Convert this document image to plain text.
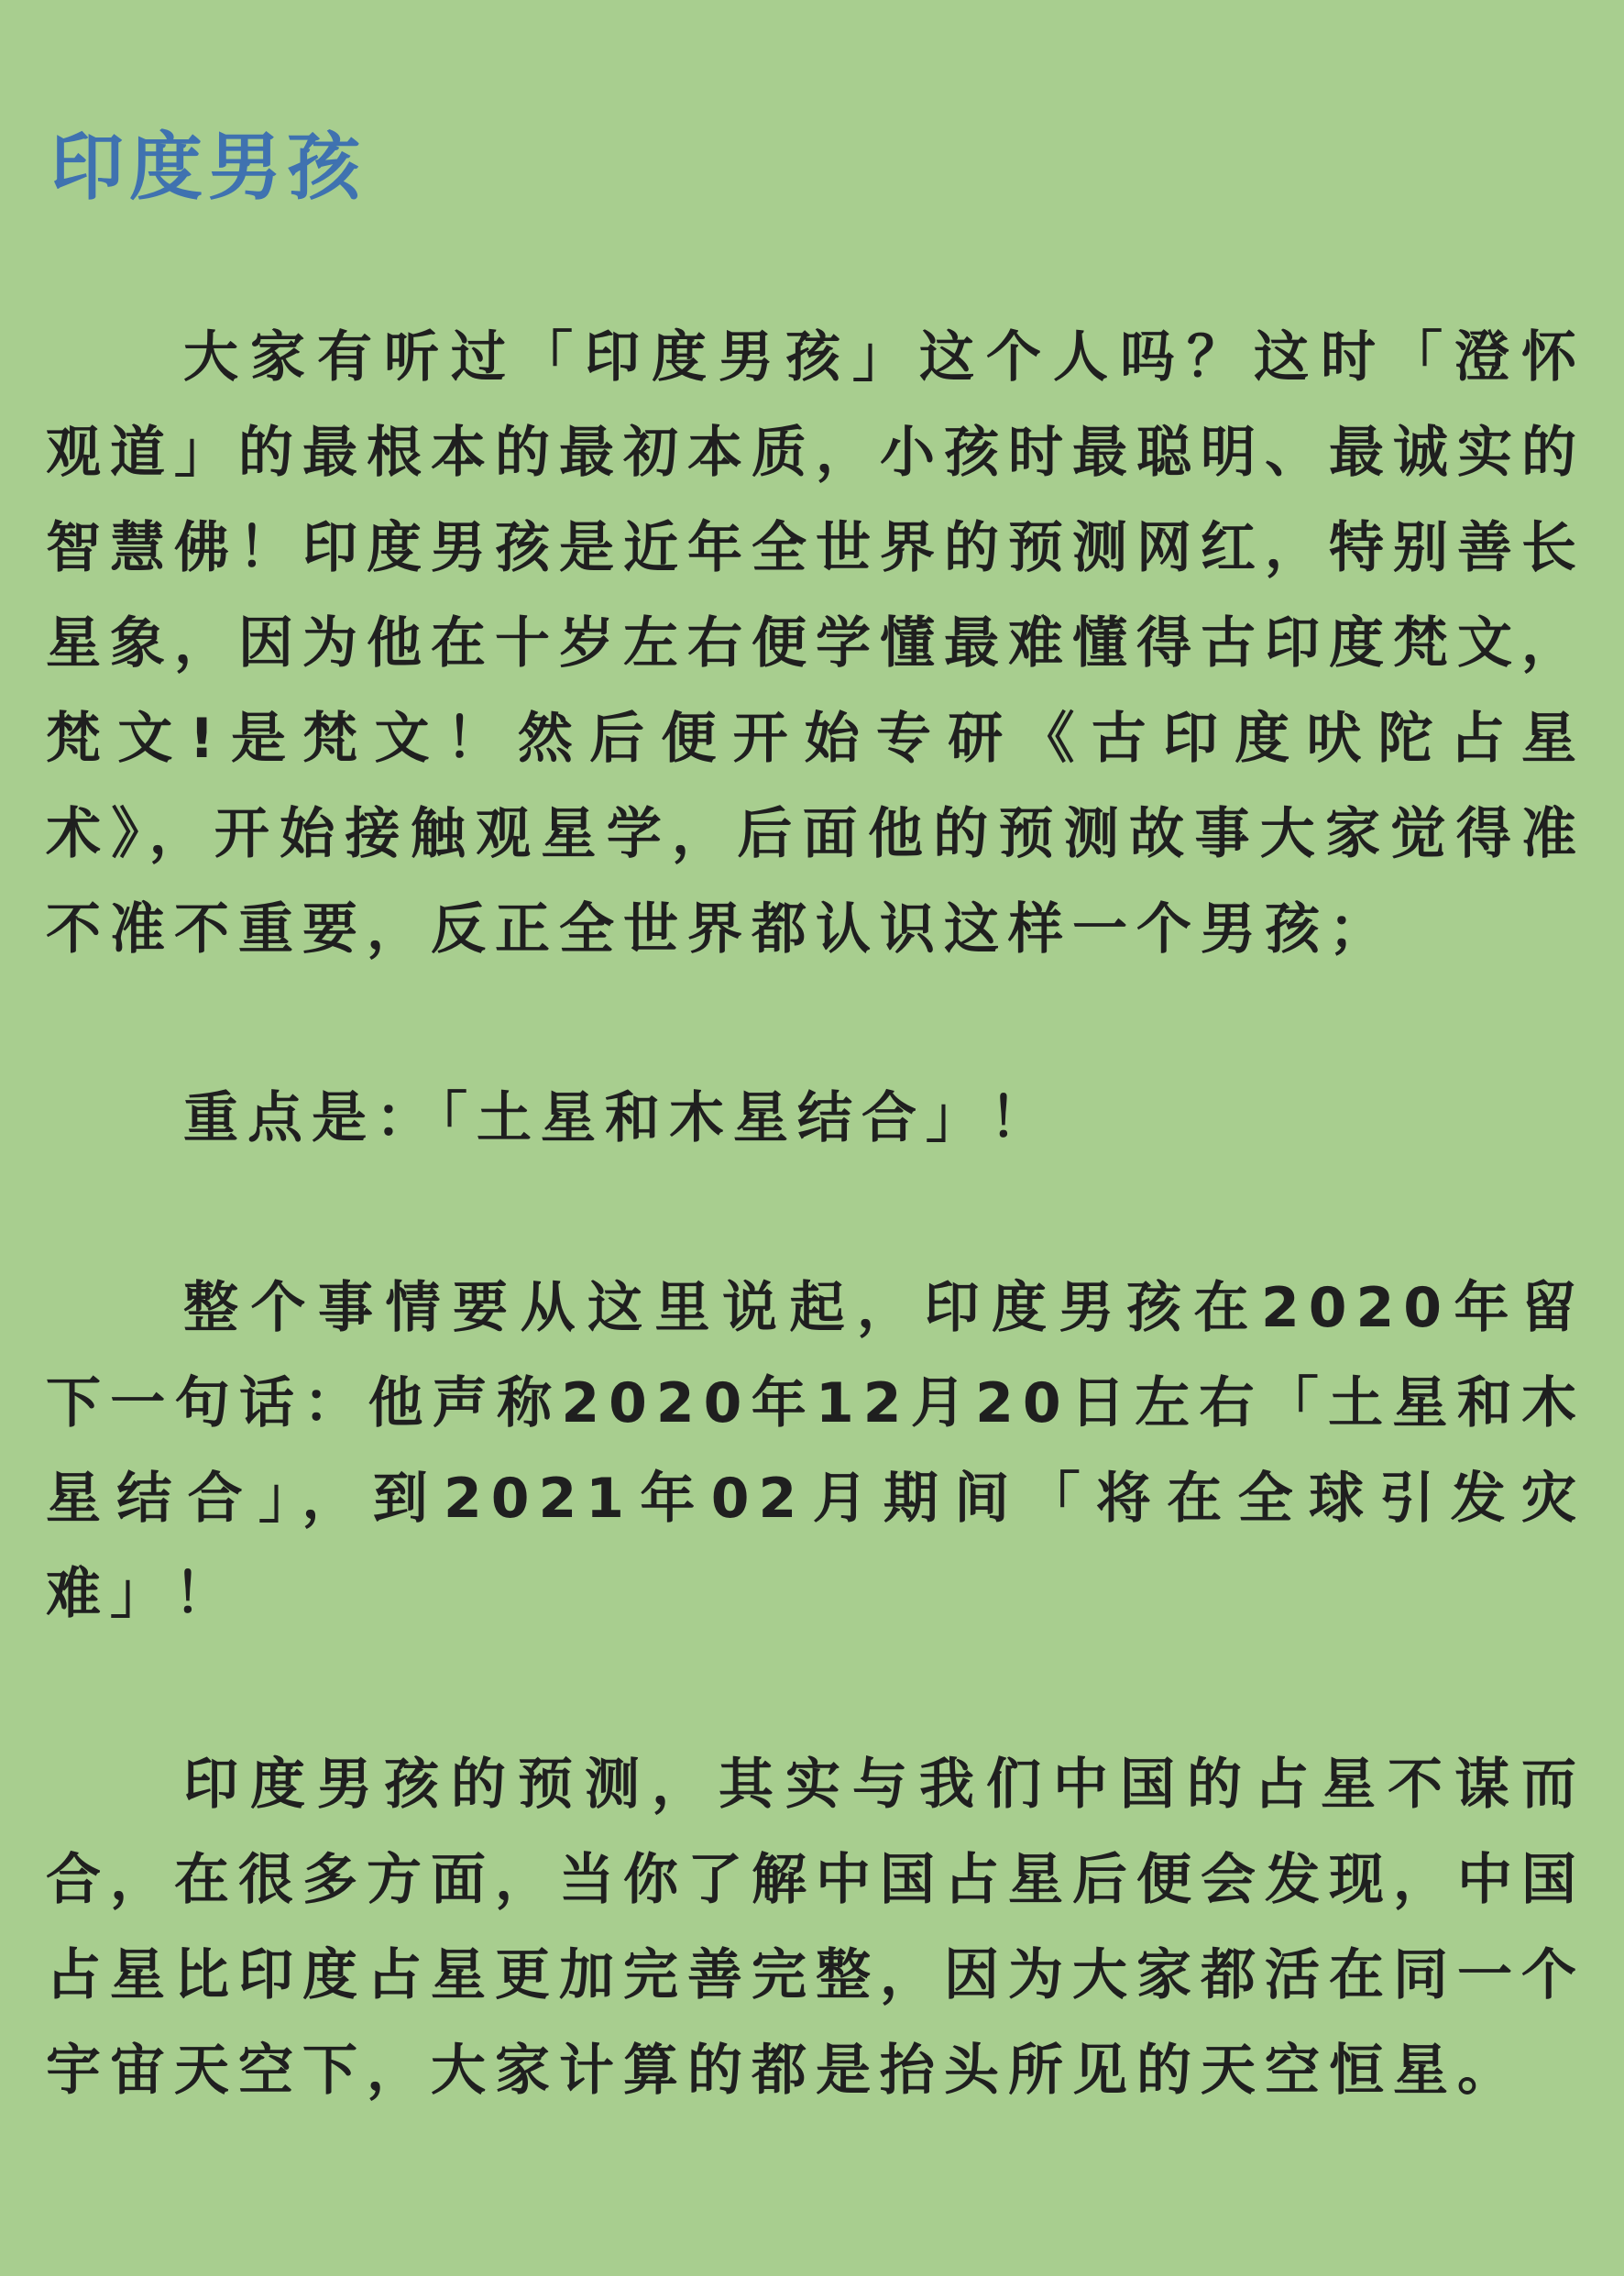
印度男孩

大家有听过「印度男孩」这个人吗？这时「澄怀观道」的最根本的最初本质，小孩时最聪明、最诚实的智慧佛！印度男孩是近年全世界的预测网红，特别善长星象，因为他在十岁左右便学懂最难懂得古印度梵文，梵文!是梵文！然后便开始专研《古印度吠陀占星术》，开始接触观星学，后面他的预测故事大家觉得准不准不重要，反正全世界都认识这样一个男孩；

重点是：「土星和木星结合」！

整个事情要从这里说起，印度男孩在2020年留下一句话：他声称2020年12月20日左右「土星和木星结合」，到2021年02月期间「将在全球引发灾难」！

印度男孩的预测，其实与我们中国的占星不谋而合，在很多方面，当你了解中国占星后便会发现，中国占星比印度占星更加完善完整，因为大家都活在同一个宇宙天空下，大家计算的都是抬头所见的天空恒星。
